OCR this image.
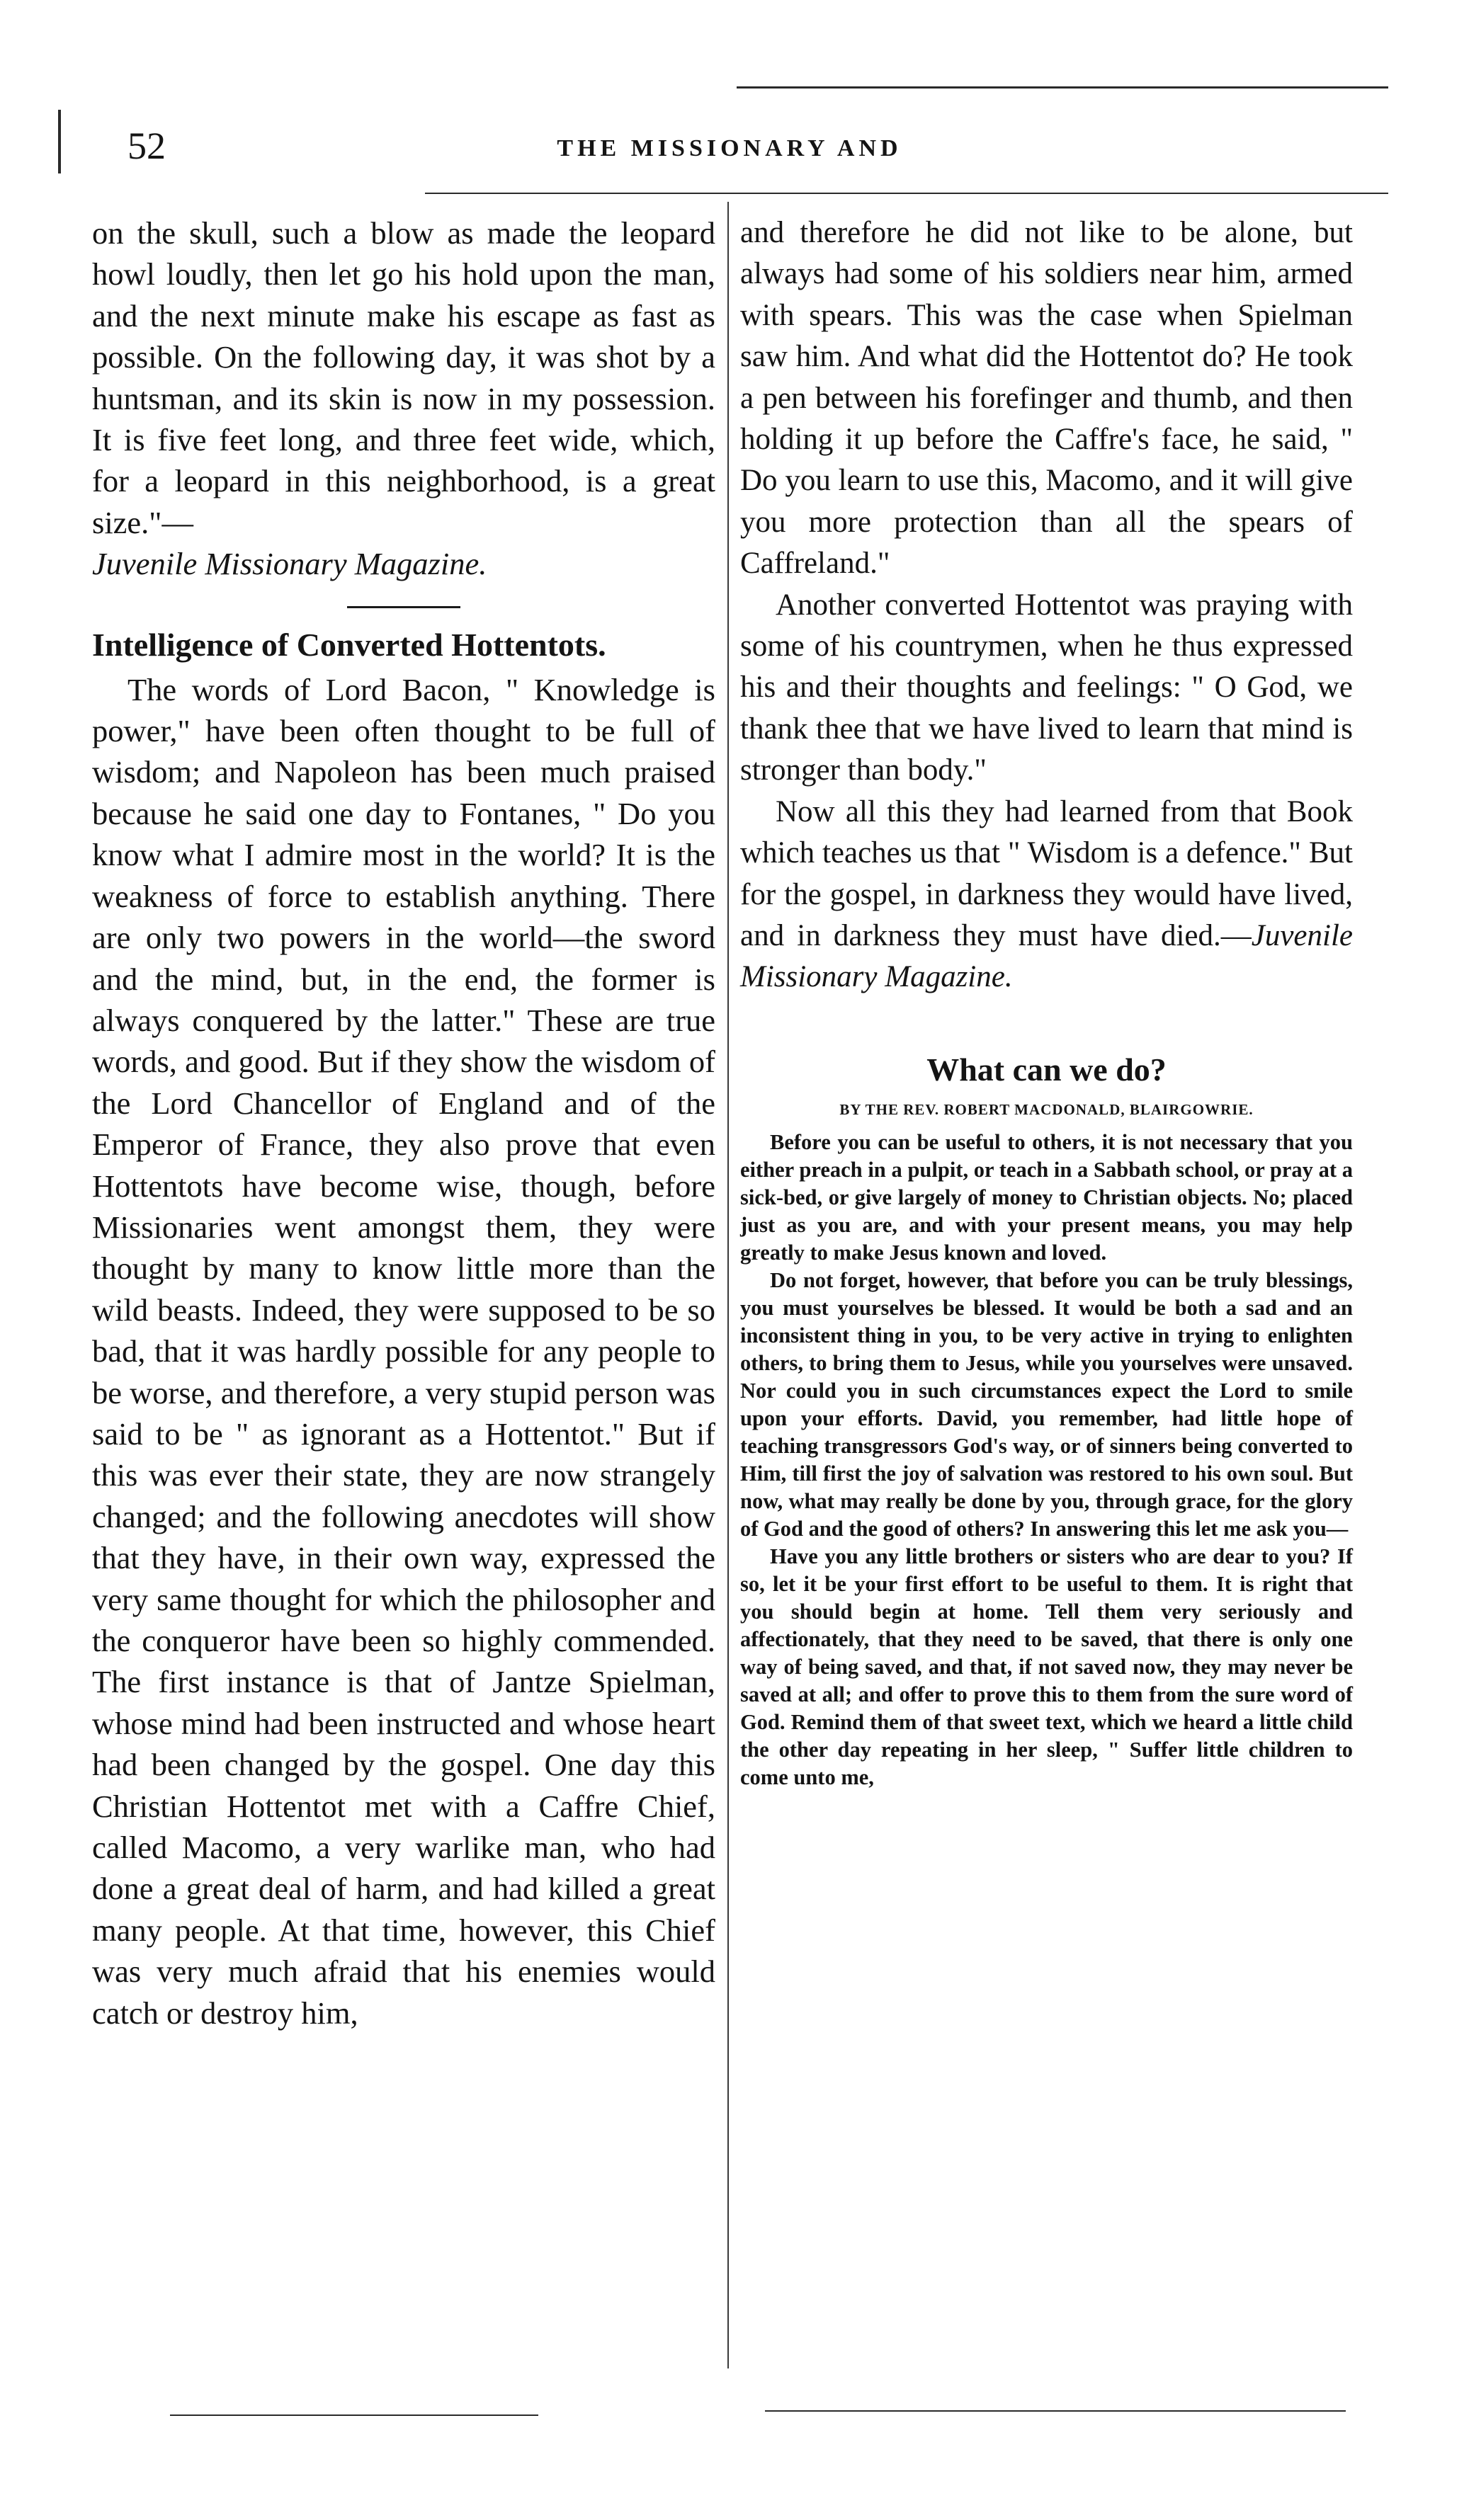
52	THE MISSIONARY AND

on the skull, such a blow as made the leopard howl loudly, then let go his hold upon the man, and the next minute make his escape as fast as possible. On the following day, it was shot by a huntsman, and its skin is now in my possession. It is five feet long, and three feet wide, which, for a leopard in this neighborhood, is a great size."—

Juvenile Missionary Magazine.

Intelligence of Converted Hottentots.

The words of Lord Bacon, " Knowledge is power," have been often thought to be full of wisdom; and Napoleon has been much praised because he said one day to Fontanes, " Do you know what I admire most in the world? It is the weakness of force to establish anything. There are only two powers in the world—the sword and the mind, but, in the end, the former is always conquered by the latter." These are true words, and good. But if they show the wisdom of the Lord Chancellor of England and of the Emperor of France, they also prove that even Hottentots have become wise, though, before Missionaries went amongst them, they were thought by many to know little more than the wild beasts. Indeed, they were supposed to be so bad, that it was hardly possible for any people to be worse, and therefore, a very stupid person was said to be " as ignorant as a Hottentot." But if this was ever their state, they are now strangely changed; and the following anecdotes will show that they have, in their own way, expressed the very same thought for which the philosopher and the conqueror have been so highly commended. The first instance is that of Jantze Spielman, whose mind had been instructed and whose heart had been changed by the gospel. One day this Christian Hottentot met with a Caffre Chief, called Macomo, a very warlike man, who had done a great deal of harm, and had killed a great many people. At that time, however, this Chief was very much afraid that his enemies would catch or destroy him,

and therefore he did not like to be alone, but always had some of his soldiers near him, armed with spears. This was the case when Spielman saw him. And what did the Hottentot do? He took a pen between his forefinger and thumb, and then holding it up before the Caffre's face, he said, " Do you learn to use this, Macomo, and it will give you more protection than all the spears of Caffreland."

Another converted Hottentot was praying with some of his countrymen, when he thus expressed his and their thoughts and feelings: " O God, we thank thee that we have lived to learn that mind is stronger than body."

Now all this they had learned from that Book which teaches us that " Wisdom is a defence." But for the gospel, in darkness they would have lived, and in darkness they must have died.—Juvenile Missionary Magazine.

What can we do?
BY THE REV. ROBERT MACDONALD, BLAIRGOWRIE.

Before you can be useful to others, it is not necessary that you either preach in a pulpit, or teach in a Sabbath school, or pray at a sick-bed, or give largely of money to Christian objects. No; placed just as you are, and with your present means, you may help greatly to make Jesus known and loved.

Do not forget, however, that before you can be truly blessings, you must yourselves be blessed. It would be both a sad and an inconsistent thing in you, to be very active in trying to enlighten others, to bring them to Jesus, while you yourselves were unsaved. Nor could you in such circumstances expect the Lord to smile upon your efforts. David, you remember, had little hope of teaching transgressors God's way, or of sinners being converted to Him, till first the joy of salvation was restored to his own soul. But now, what may really be done by you, through grace, for the glory of God and the good of others? In answering this let me ask you—

Have you any little brothers or sisters who are dear to you? If so, let it be your first effort to be useful to them. It is right that you should begin at home. Tell them very seriously and affectionately, that they need to be saved, that there is only one way of being saved, and that, if not saved now, they may never be saved at all; and offer to prove this to them from the sure word of God. Remind them of that sweet text, which we heard a little child the other day repeating in her sleep, " Suffer little children to come unto me,
